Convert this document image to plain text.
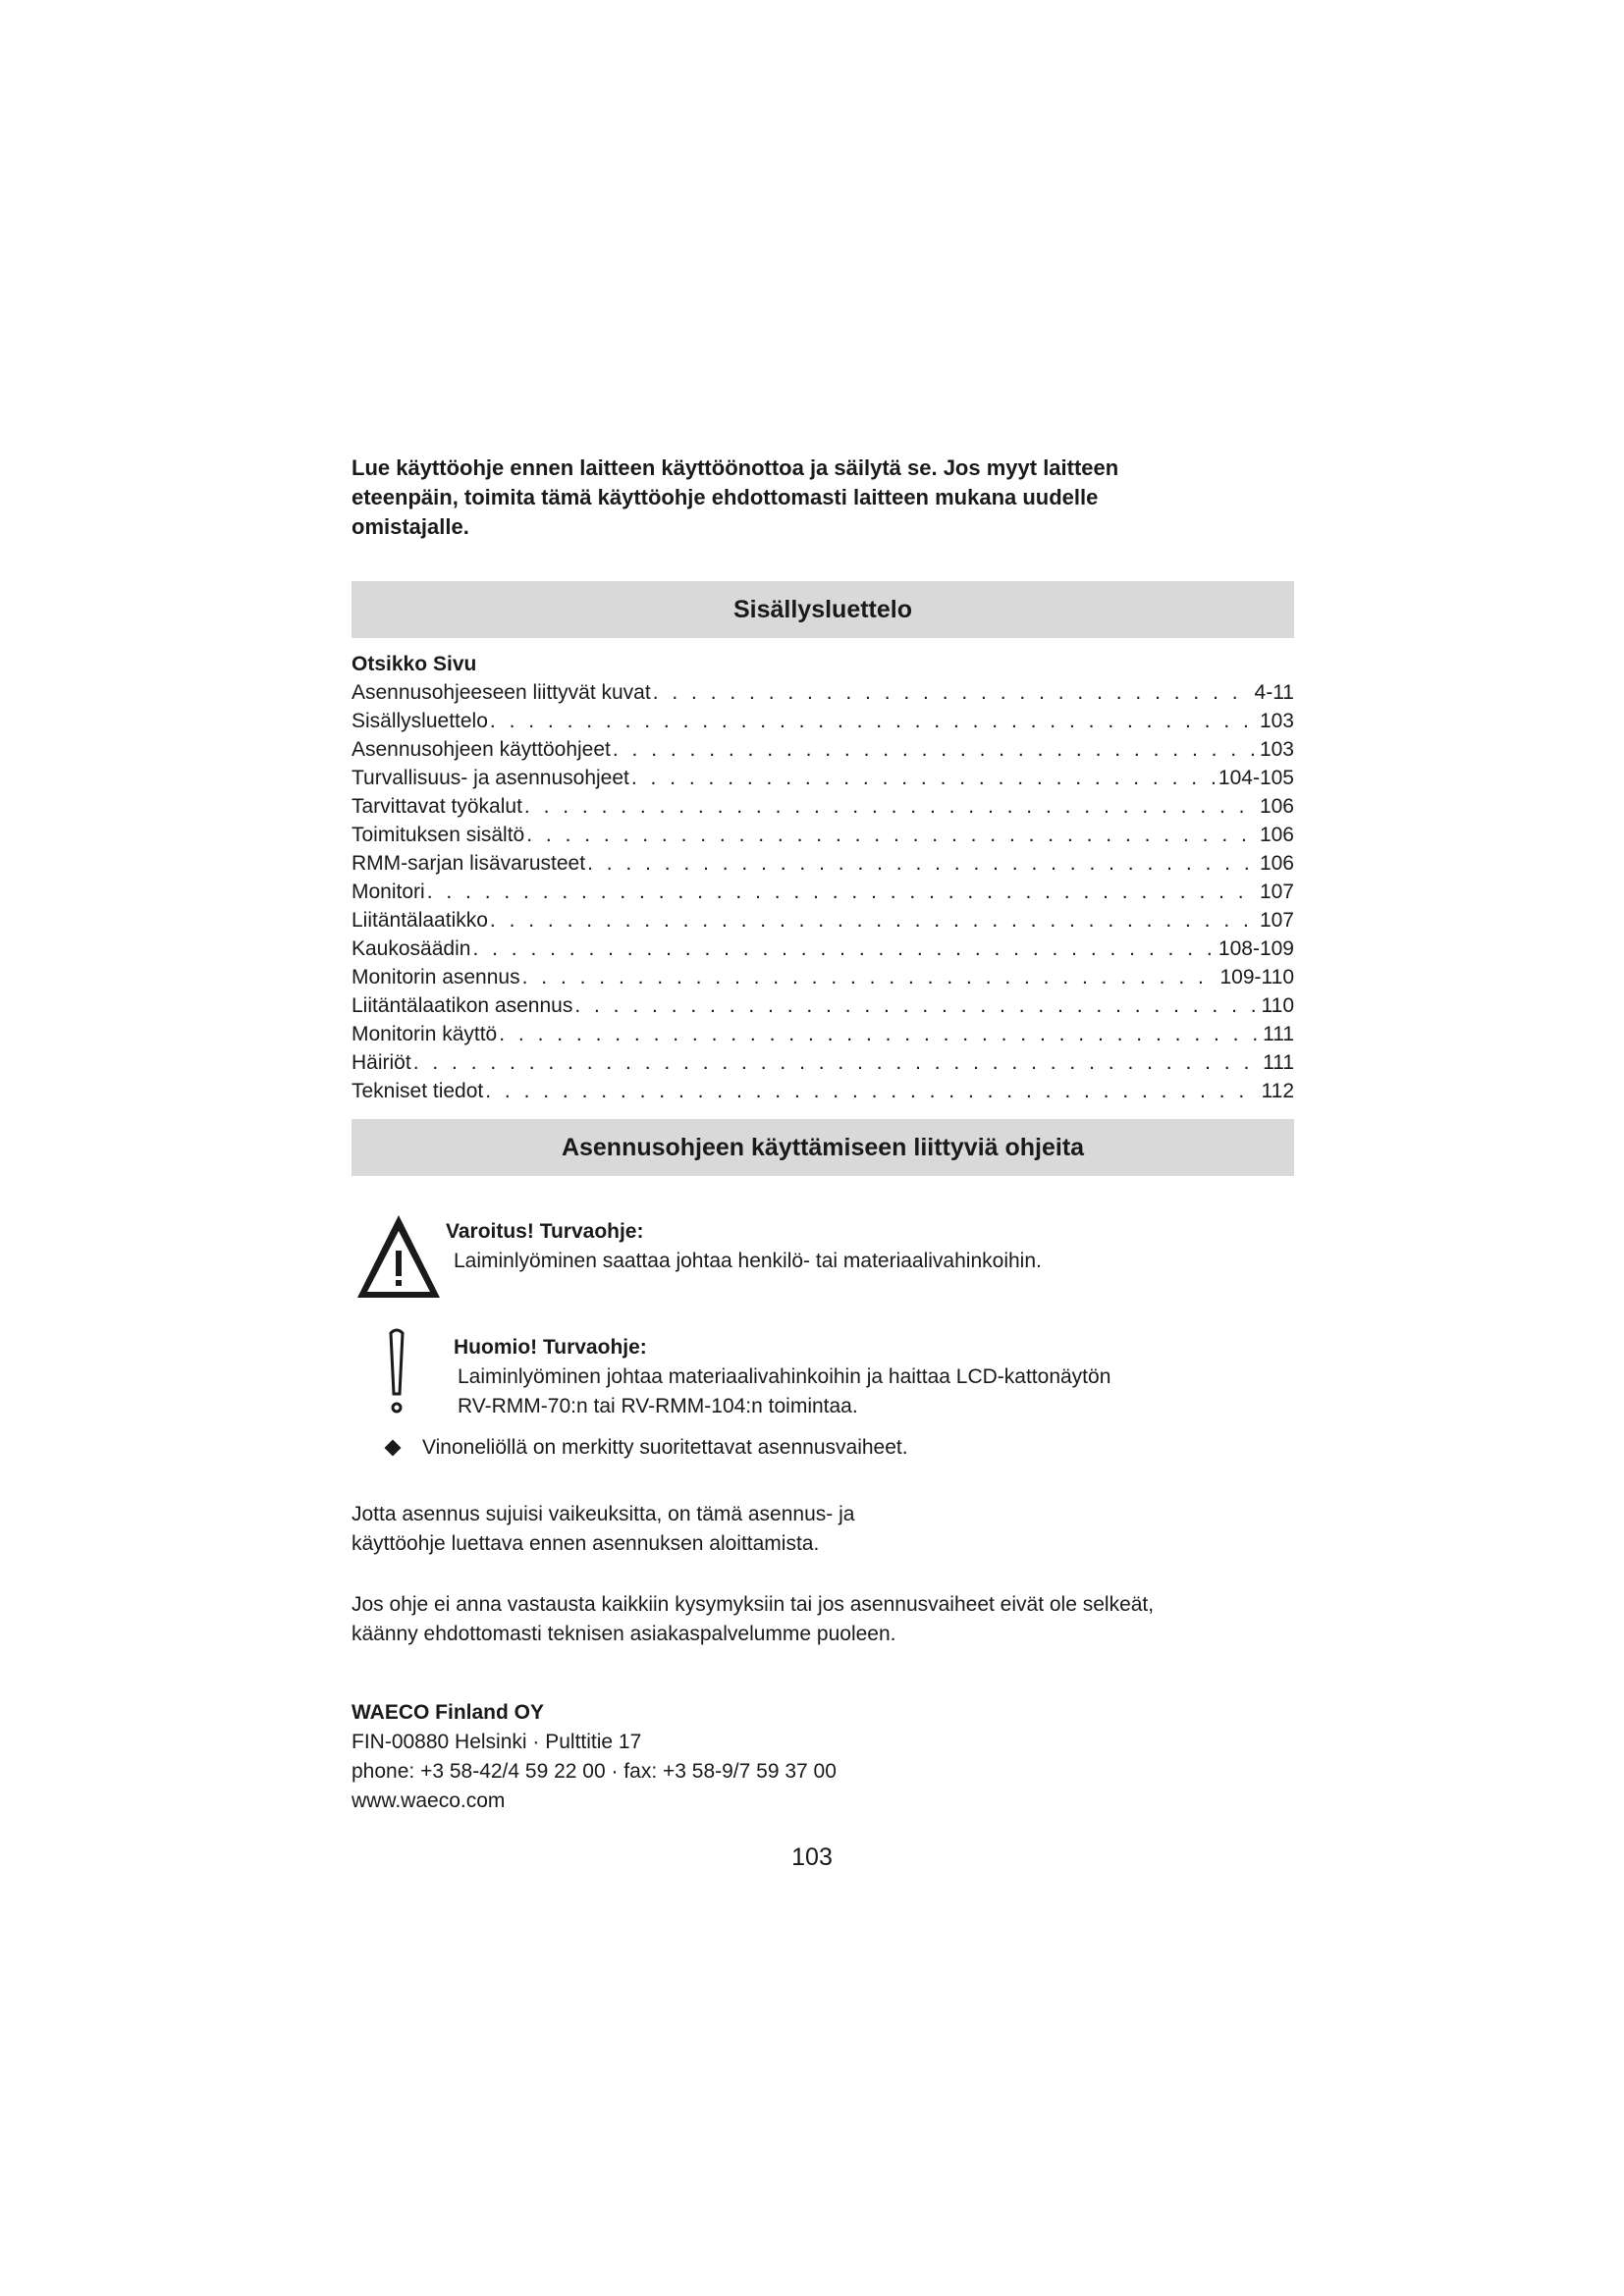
Lue käyttöohje ennen laitteen käyttöönottoa ja säilytä se. Jos myyt laitteen
eteenpäin, toimita tämä käyttöohje ehdottomasti laitteen mukana uudelle
omistajalle.
Sisällysluettelo
Otsikko Sivu
Asennusohjeeseen liittyvät kuvat . . .	4-11
Sisällysluettelo . . .	103
Asennusohjeen käyttöohjeet . . .	103
Turvallisuus- ja asennusohjeet . . .	104-105
Tarvittavat työkalut . . .	106
Toimituksen sisältö . . .	106
RMM-sarjan lisävarusteet . . .	106
Monitori . . .	107
Liitäntälaatikko . . .	107
Kaukosäädin . . .	108-109
Monitorin asennus . . .	109-110
Liitäntälaatikon asennus . . .	110
Monitorin käyttö . . .	111
Häiriöt . . .	111
Tekniset tiedot . . .	112
Asennusohjeen käyttämiseen liittyviä ohjeita
Varoitus! Turvaohje:
Laiminlyöminen saattaa johtaa henkilö- tai materiaalivahinkoihin.
Huomio! Turvaohje:
Laiminlyöminen johtaa materiaalivahinkoihin ja haittaa LCD-kattonäytön
RV-RMM-70:n tai RV-RMM-104:n toimintaa.
Vinoneliöllä on merkitty suoritettavat asennusvaiheet.
Jotta asennus sujuisi vaikeuksitta, on tämä asennus- ja
käyttöohje luettava ennen asennuksen aloittamista.
Jos ohje ei anna vastausta kaikkiin kysymyksiin tai jos asennusvaiheet eivät ole selkeät,
käänny ehdottomasti teknisen asiakaspalvelumme puoleen.
WAECO Finland OY
FIN-00880 Helsinki · Pulttitie 17
phone: +3 58-42/4 59 22 00 · fax: +3 58-9/7 59 37 00
www.waeco.com
103
